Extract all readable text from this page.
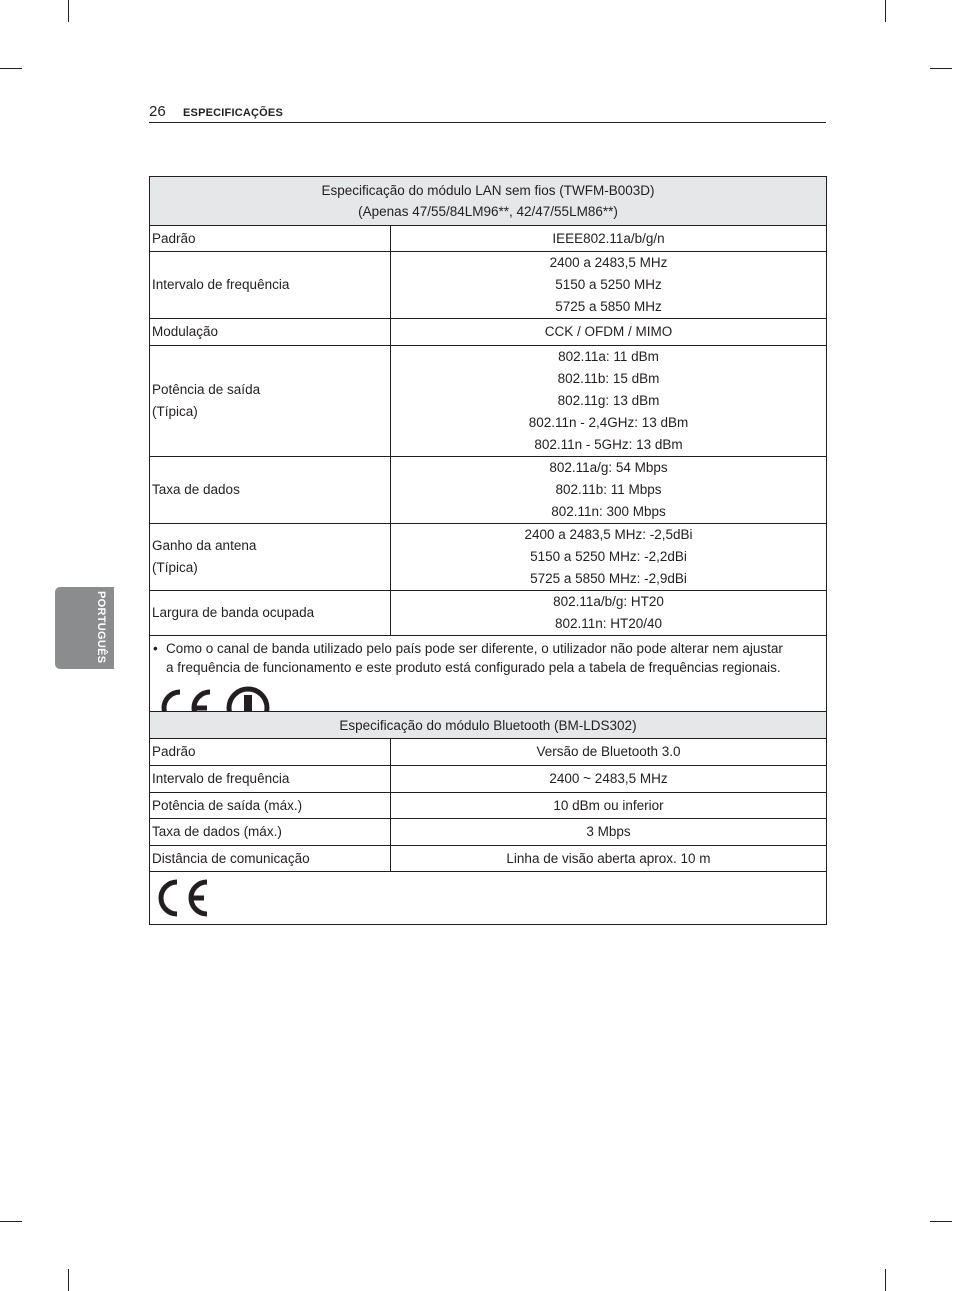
26 ESPECIFICAÇÕES
PORTUGUÊS
Especificação do módulo LAN sem fios (TWFM-B003D)
(Apenas 47/55/84LM96**, 42/47/55LM86**)	

Padrão	IEEE802.11a/b/g/n

Intervalo de frequência	2400 a 2483,5 MHz
5150 a 5250 MHz
5725 a 5850 MHz

Modulação	CCK / OFDM / MIMO

Potência de saída
(Típica)	802.11a: 11 dBm
802.11b: 15 dBm
802.11g: 13 dBm
802.11n - 2,4GHz: 13 dBm
802.11n - 5GHz: 13 dBm

Taxa de dados	802.11a/g: 54 Mbps
802.11b: 11 Mbps
802.11n: 300 Mbps

Ganho da antena
(Típica)	2400 a 2483,5 MHz: -2,5dBi
5150 a 5250 MHz: -2,2dBi
5725 a 5850 MHz: -2,9dBi

Largura de banda ocupada	802.11a/b/g: HT20
802.11n: HT20/40

• Como o canal de banda utilizado pelo país pode ser diferente, o utilizador não pode alterar nem ajustar
a frequência de funcionamento e este produto está configurado pela a tabela de frequências regionais.	
Especificação do módulo Bluetooth (BM-LDS302)	

Padrão	Versão de Bluetooth 3.0

Intervalo de frequência	2400 ~ 2483,5 MHz

Potência de saída (máx.)	10 dBm ou inferior

Taxa de dados (máx.)	3 Mbps

Distância de comunicação	Linha de visão aberta aprox. 10 m
